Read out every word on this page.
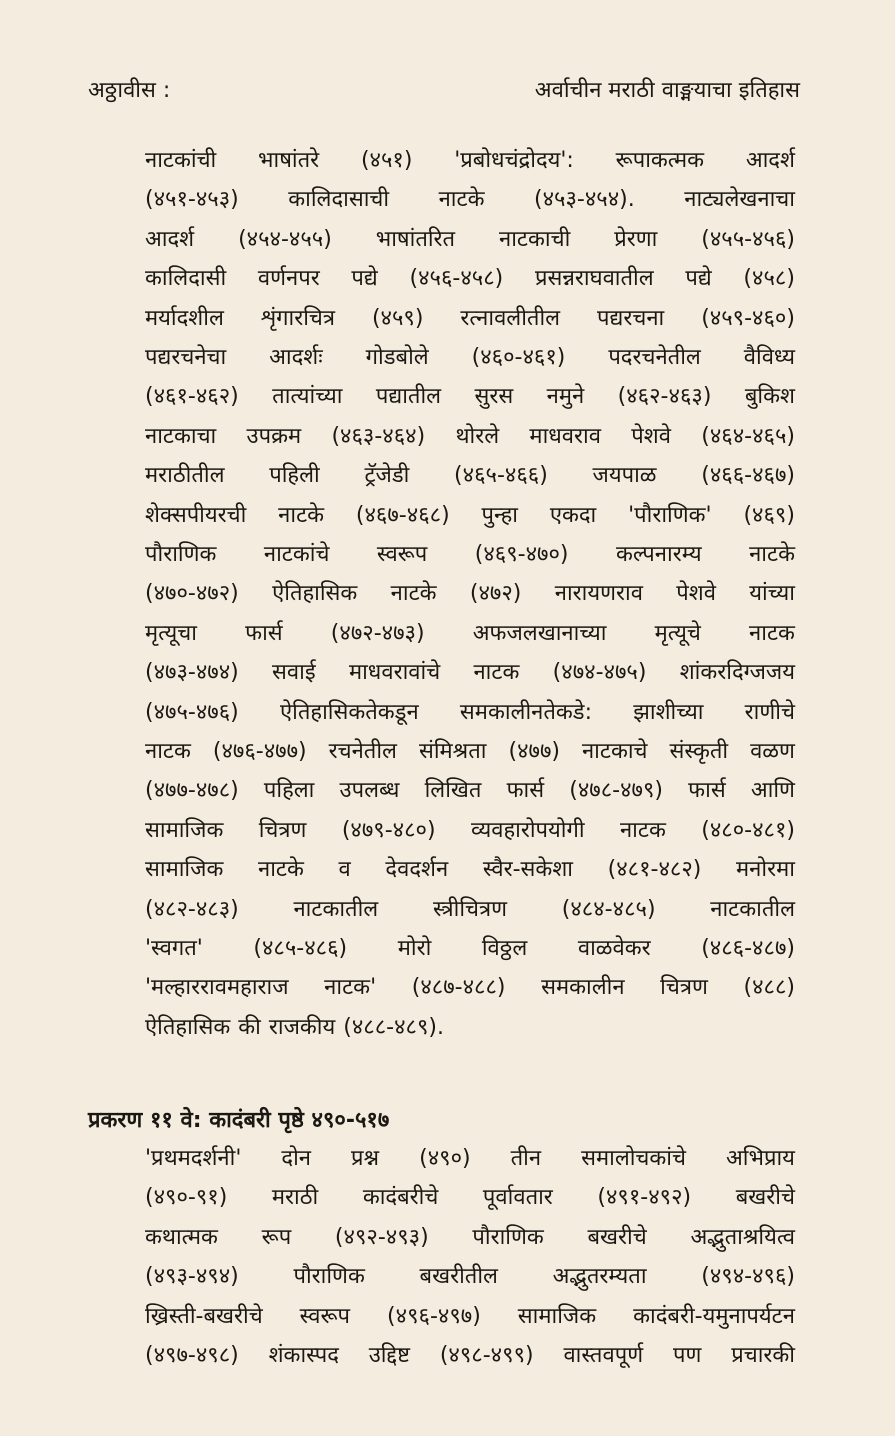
अठ्ठावीस :	अर्वाचीन मराठी वाङ्मयाचा इतिहास
नाटकांची भाषांतरे (४५१) 'प्रबोधचंद्रोदय': रूपाकत्मक आदर्श
(४५१-४५३) कालिदासाची नाटके (४५३-४५४). नाट्यलेखनाचा
आदर्श (४५४-४५५) भाषांतरित नाटकाची प्रेरणा (४५५-४५६)
कालिदासी वर्णनपर पद्ये (४५६-४५८) प्रसन्नराघवातील पद्ये (४५८)
मर्यादशील शृंगारचित्र (४५९) रत्नावलीतील पद्यरचना (४५९-४६०)
पद्यरचनेचा आदर्शः गोडबोले (४६०-४६१) पदरचनेतील वैविध्य
(४६१-४६२) तात्यांच्या पद्यातील सुरस नमुने (४६२-४६३) बुकिश
नाटकाचा उपक्रम (४६३-४६४) थोरले माधवराव पेशवे (४६४-४६५)
मराठीतील पहिली ट्रॅजेडी (४६५-४६६) जयपाळ (४६६-४६७)
शेक्सपीयरची नाटके (४६७-४६८) पुन्हा एकदा 'पौराणिक' (४६९)
पौराणिक नाटकांचे स्वरूप (४६९-४७०) कल्पनारम्य नाटके
(४७०-४७२) ऐतिहासिक नाटके (४७२) नारायणराव पेशवे यांच्या
मृत्यूचा फार्स (४७२-४७३) अफजलखानाच्या मृत्यूचे नाटक
(४७३-४७४) सवाई माधवरावांचे नाटक (४७४-४७५) शांकरदिग्जजय
(४७५-४७६) ऐतिहासिकतेकडून समकालीनतेकडे: झाशीच्या राणीचे
नाटक (४७६-४७७) रचनेतील संमिश्रता (४७७) नाटकाचे संस्कृती वळण
(४७७-४७८) पहिला उपलब्ध लिखित फार्स (४७८-४७९) फार्स आणि
सामाजिक चित्रण (४७९-४८०) व्यवहारोपयोगी नाटक (४८०-४८१)
सामाजिक नाटके व देवदर्शन स्वैर-सकेशा (४८१-४८२) मनोरमा
(४८२-४८३) नाटकातील स्त्रीचित्रण (४८४-४८५) नाटकातील
'स्वगत' (४८५-४८६) मोरो विठ्ठल वाळवेकर (४८६-४८७)
'मल्हाररावमहाराज नाटक' (४८७-४८८) समकालीन चित्रण (४८८)
ऐतिहासिक की राजकीय (४८८-४८९).
प्रकरण ११ वे: कादंबरी पृष्ठे ४९०-५१७
'प्रथमदर्शनी' दोन प्रश्न (४९०) तीन समालोचकांचे अभिप्राय
(४९०-९१) मराठी कादंबरीचे पूर्वावतार (४९१-४९२) बखरीचे
कथात्मक रूप (४९२-४९३) पौराणिक बखरीचे अद्भुताश्रयित्व
(४९३-४९४) पौराणिक बखरीतील अद्भुतरम्यता (४९४-४९६)
ख्रिस्ती-बखरीचे स्वरूप (४९६-४९७) सामाजिक कादंबरी-यमुनापर्यटन
(४९७-४९८) शंकास्पद उद्दिष्ट (४९८-४९९) वास्तवपूर्ण पण प्रचारकी
